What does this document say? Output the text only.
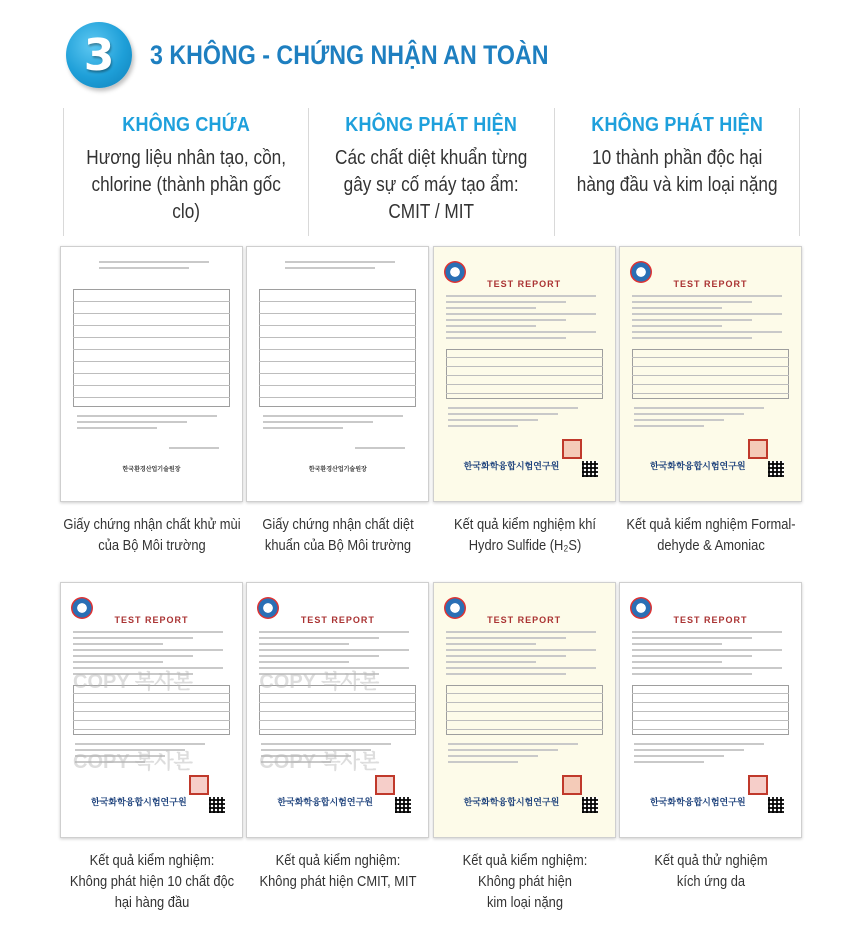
3 3 KHÔNG - CHỨNG NHẬN AN TOÀN
KHÔNG CHỨA
Hương liệu nhân tạo, cồn,
chlorine (thành phần gốc clo)
KHÔNG PHÁT HIỆN
Các chất diệt khuẩn từng
gây sự cố máy tạo ẩm:
CMIT / MIT
KHÔNG PHÁT HIỆN
10 thành phần độc hại
hàng đầu và kim loại nặng
한국환경산업기술원장
Giấy chứng nhận chất khử mùi
của Bộ Môi trường
한국환경산업기술원장
Giấy chứng nhận chất diệt
khuẩn của Bộ Môi trường
TEST REPORT
한국화학융합시험연구원
Kết quả kiểm nghiệm khí
Hydro Sulfide (H₂S)
TEST REPORT
한국화학융합시험연구원
Kết quả kiểm nghiệm Formal-
dehyde & Amoniac
TEST REPORT
COPY 복사본
COPY 복사본
한국화학융합시험연구원
Kết quả kiểm nghiệm:
Không phát hiện 10 chất độc
hại hàng đầu
TEST REPORT
COPY 복사본
COPY 복사본
한국화학융합시험연구원
Kết quả kiểm nghiệm:
Không phát hiện CMIT, MIT
TEST REPORT
한국화학융합시험연구원
Kết quả kiểm nghiệm:
Không phát hiện
kim loại nặng
TEST REPORT
한국화학융합시험연구원
Kết quả thử nghiệm
kích ứng da
